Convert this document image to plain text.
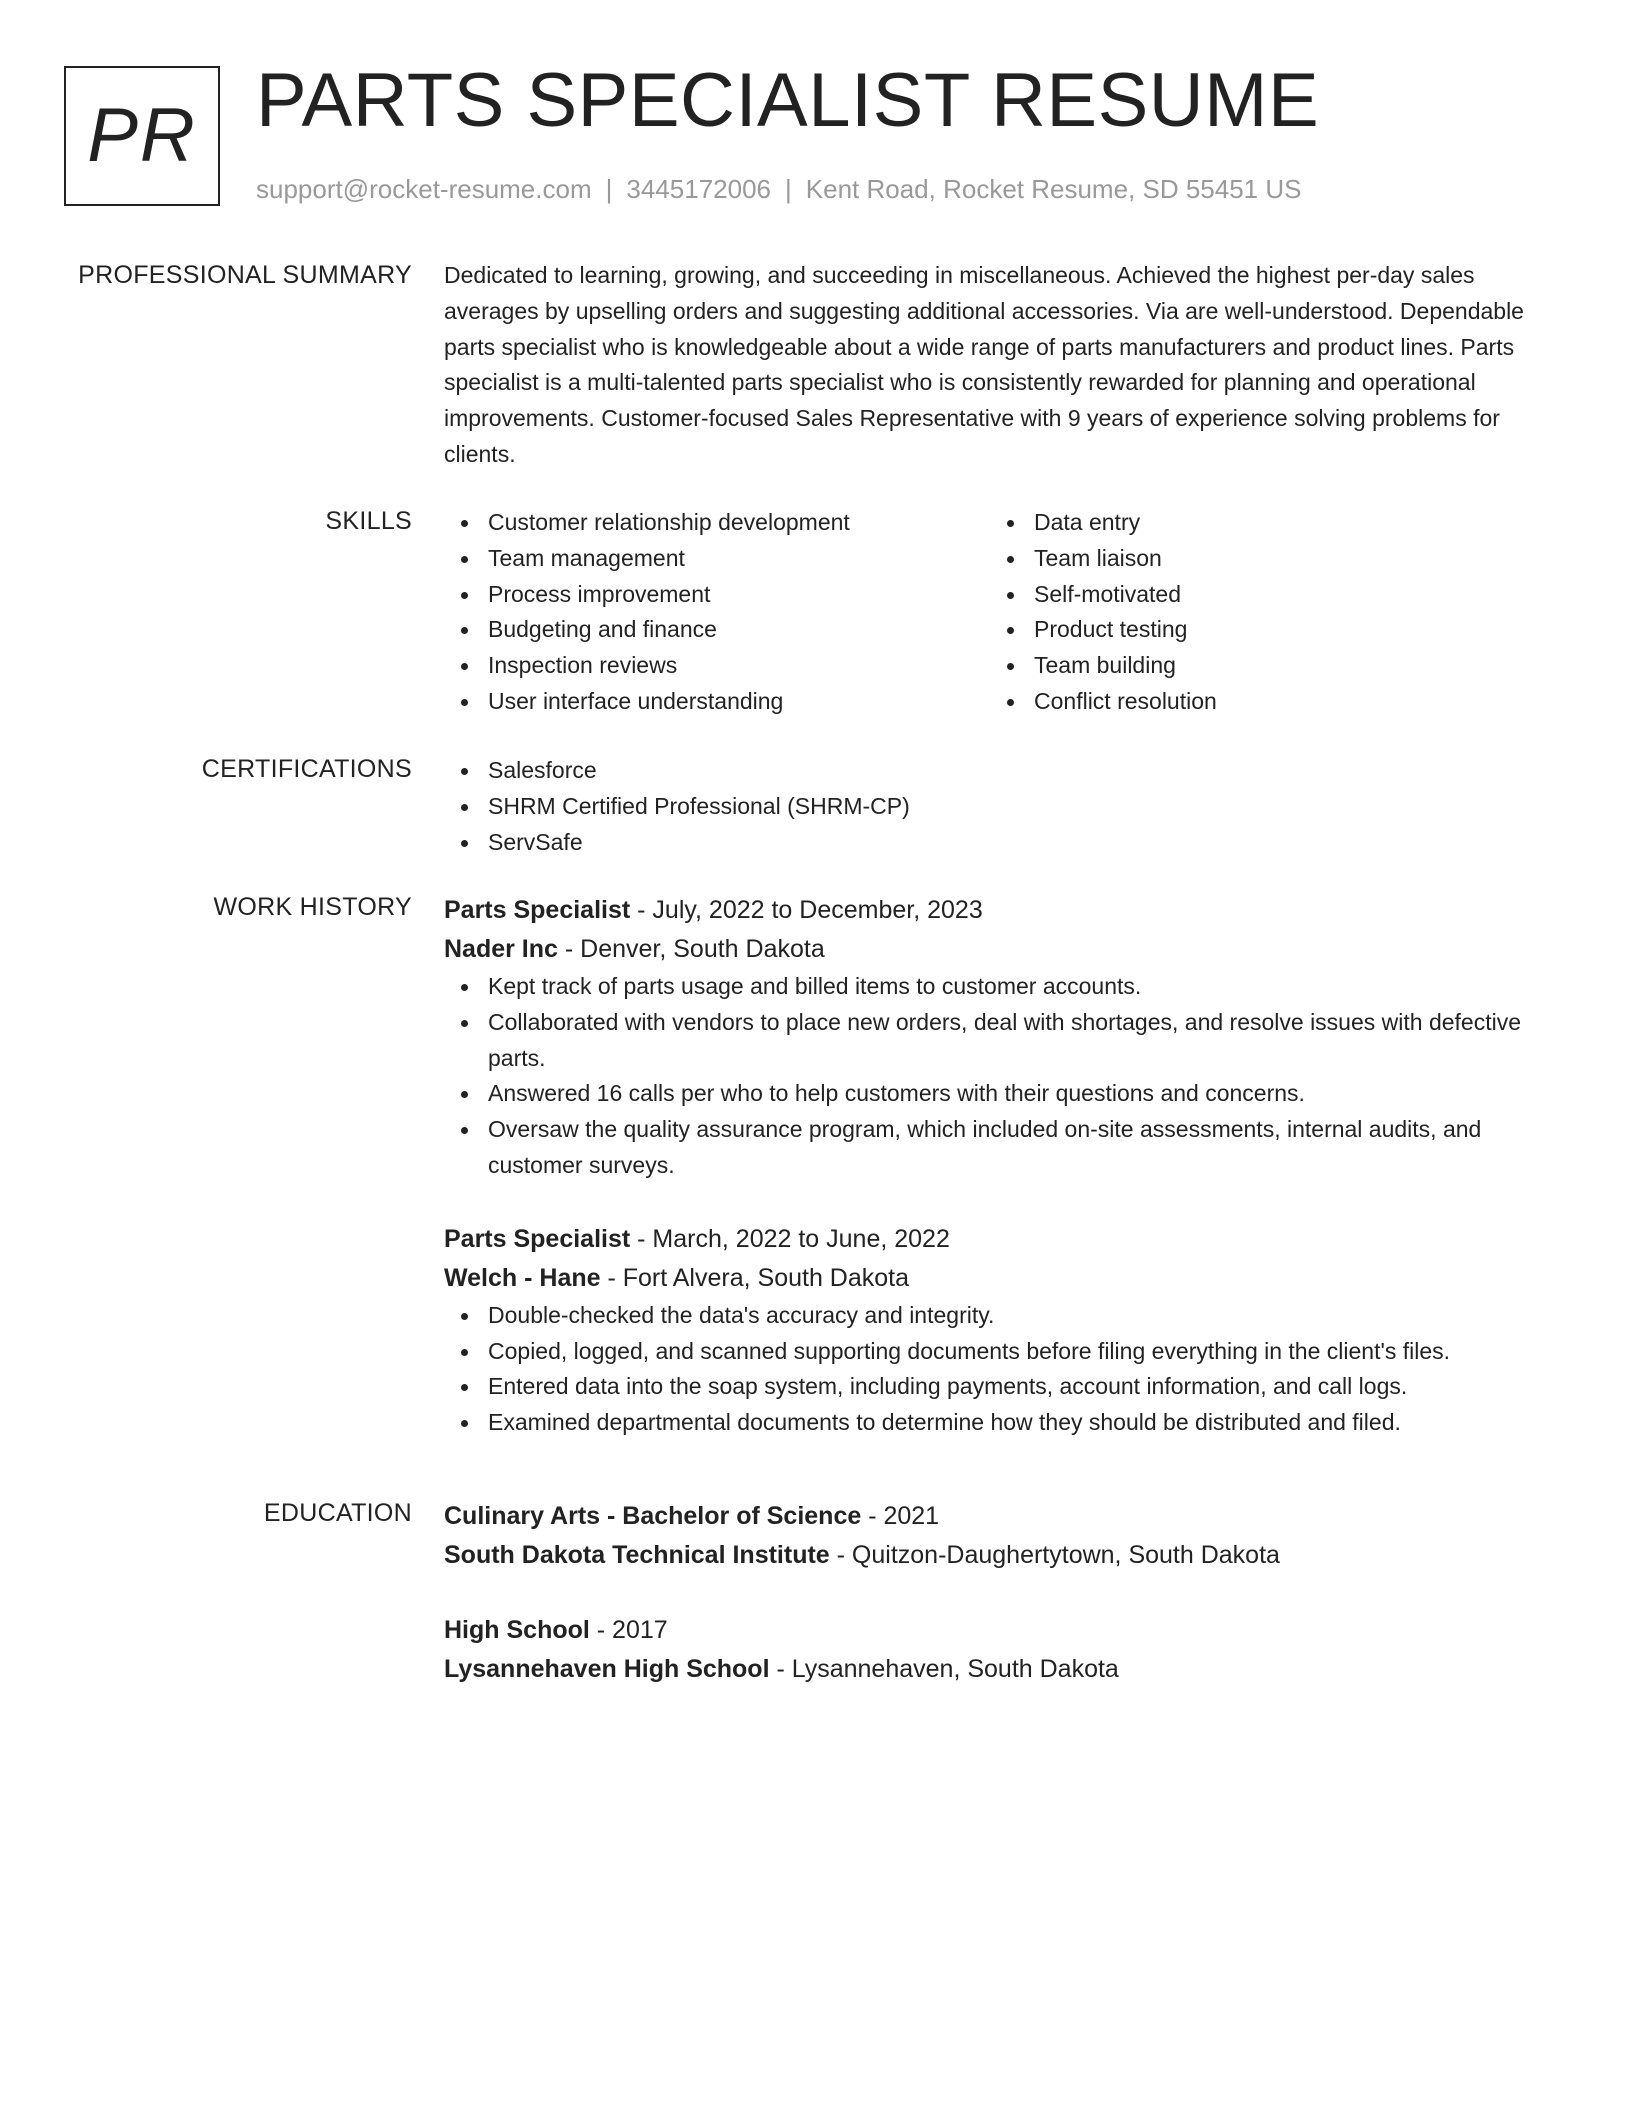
PR PARTS SPECIALIST RESUME
support@rocket-resume.com | 3445172006 | Kent Road, Rocket Resume, SD 55451 US
PROFESSIONAL SUMMARY Dedicated to learning, growing, and succeeding in miscellaneous. Achieved the highest per-day sales averages by upselling orders and suggesting additional accessories. Via are well-understood. Dependable parts specialist who is knowledgeable about a wide range of parts manufacturers and product lines. Parts specialist is a multi-talented parts specialist who is consistently rewarded for planning and operational improvements. Customer-focused Sales Representative with 9 years of experience solving problems for clients.

SKILLS	Customer relationship development
Team management
Process improvement
Budgeting and finance
Inspection reviews
User interface understanding
Data entry
Team liaison
Self-motivated
Product testing
Team building
Conflict resolution
CERTIFICATIONS	Salesforce
SHRM Certified Professional (SHRM-CP)
ServSafe
WORK HISTORY Parts Specialist - July, 2022 to December, 2023
Nader Inc - Denver, South Dakota
Kept track of parts usage and billed items to customer accounts.
Collaborated with vendors to place new orders, deal with shortages, and resolve issues with defective parts.
Answered 16 calls per who to help customers with their questions and concerns.
Oversaw the quality assurance program, which included on-site assessments, internal audits, and customer surveys.
Parts Specialist - March, 2022 to June, 2022
Welch - Hane - Fort Alvera, South Dakota
Double-checked the data's accuracy and integrity.
Copied, logged, and scanned supporting documents before filing everything in the client's files.
Entered data into the soap system, including payments, account information, and call logs.
Examined departmental documents to determine how they should be distributed and filed.
EDUCATION Culinary Arts - Bachelor of Science - 2021
South Dakota Technical Institute - Quitzon-Daughertytown, South Dakota
High School - 2017
Lysannehaven High School - Lysannehaven, South Dakota
